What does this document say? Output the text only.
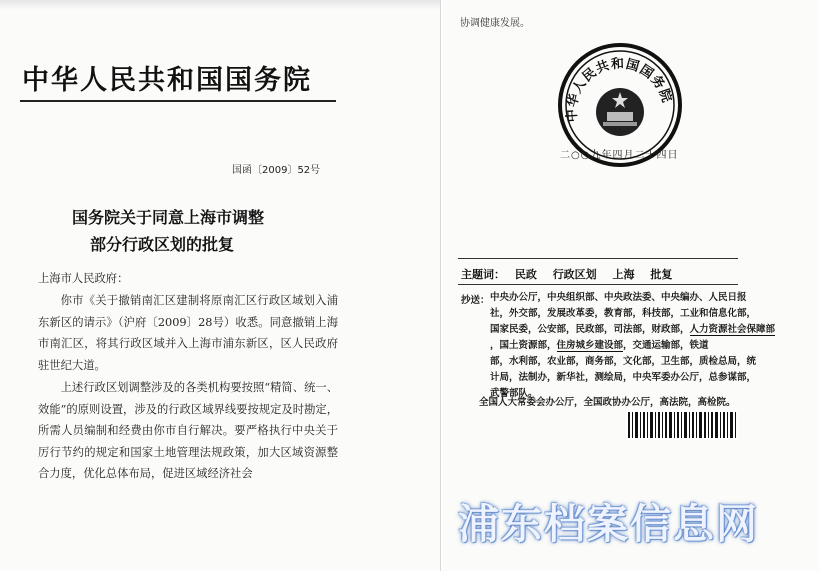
中华人民共和国国务院
国函〔2009〕52号
国务院关于同意上海市调整
部分行政区划的批复
上海市人民政府：
你市《关于撤销南汇区建制将原南汇区行政区域划入浦东新区的请示》（沪府〔2009〕28号）收悉。同意撤销上海市南汇区，将其行政区域并入上海市浦东新区，区人民政府驻世纪大道。
上述行政区划调整涉及的各类机构要按照“精简、统一、效能”的原则设置，涉及的行政区域界线要按规定及时勘定，所需人员编制和经费由你市自行解决。要严格执行中央关于厉行节约的规定和国家土地管理法规政策，加大区域资源整合力度，优化总体布局，促进区域经济社会
协调健康发展。
中华人民共和国国务院
二○○九年四月二十四日
主题词： 民政 行政区划 上海 批复
抄送： 中央办公厅，中央组织部、中央政法委、中央编办、人民日报
社，外交部，发展改革委，教育部，科技部，工业和信息化部，
国家民委，公安部，民政部，司法部，财政部，人力资源社会保障部
，国土资源部，住房城乡建设部，交通运输部，铁道
部，水利部，农业部，商务部，文化部，卫生部，质检总局，统
计局，法制办，新华社，测绘局，中央军委办公厅，总参谋部，
武警部队。
全国人大常委会办公厅，全国政协办公厅，高法院，高检院。
浦东档案信息网
